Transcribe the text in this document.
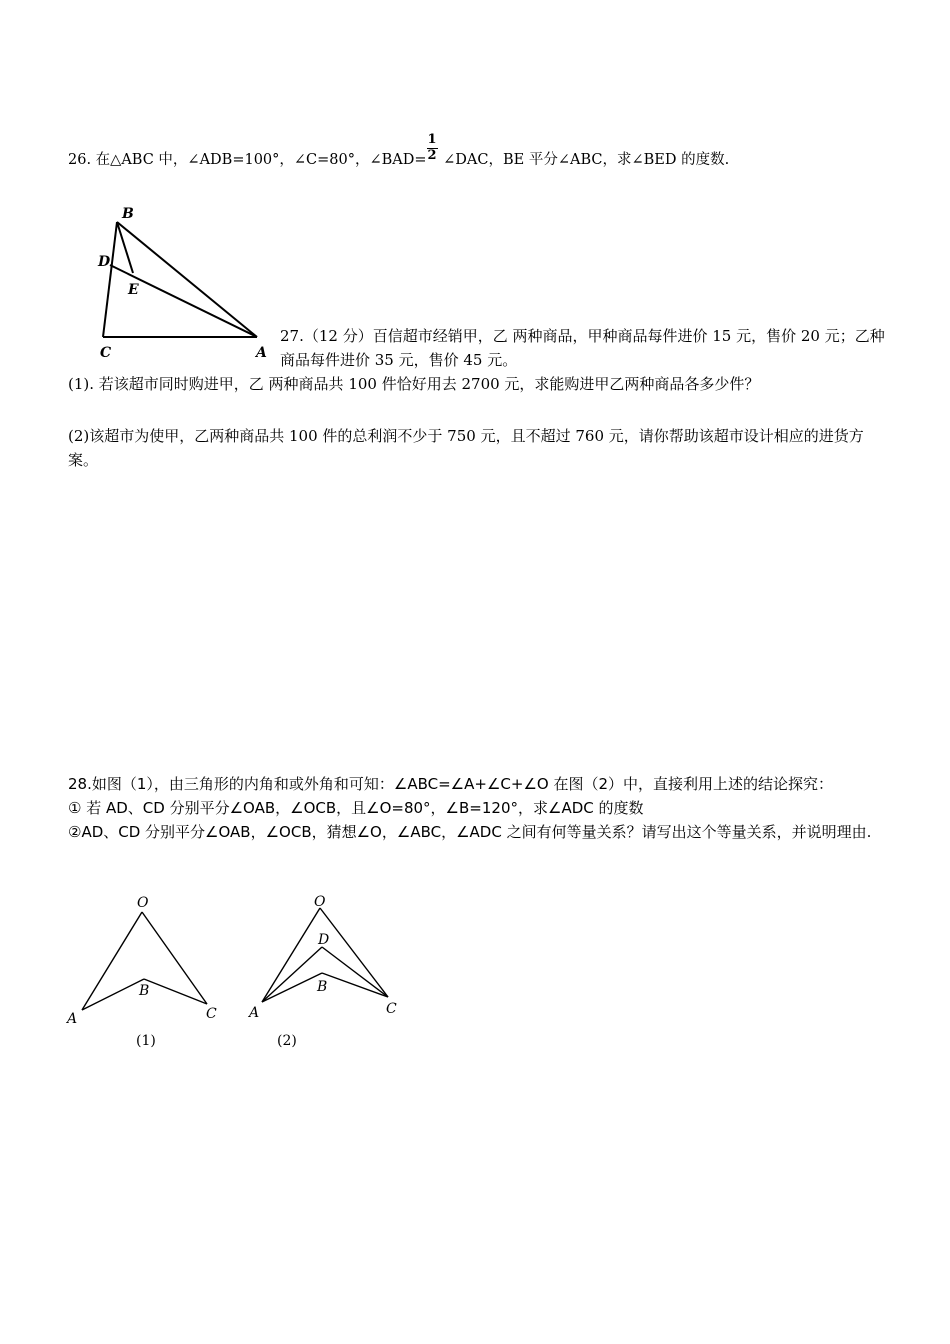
26. 在△ABC 中，∠ADB=100°，∠C=80°，∠BAD= $\frac{1}{2}$ ∠DAC，BE 平分∠ABC，求∠BED 的度数.
B
D
E
C	A
27.（12 分）百信超市经销甲，乙 两种商品，甲种商品每件进价 15 元，售价 20 元；乙种商品每件进价 35 元，售价 45 元。
(1). 若该超市同时购进甲，乙 两种商品共 100 件恰好用去 2700 元，求能购进甲乙两种商品各多少件？
(2)该超市为使甲，乙两种商品共 100 件的总利润不少于 750 元，且不超过 760 元，请你帮助该超市设计相应的进货方案。
28.如图（1），由三角形的内角和或外角和可知：∠ABC=∠A+∠C+∠O 在图（2）中，直接利用上述的结论探究：
① 若 AD、CD 分别平分∠OAB，∠OCB，且∠O=80°，∠B=120°，求∠ADC 的度数
②AD、CD 分别平分∠OAB，∠OCB，猜想∠O，∠ABC，∠ADC 之间有何等量关系？请写出这个等量关系，并说明理由.
O
B
A	C
(1)
O
D
B
A	C
(2)
